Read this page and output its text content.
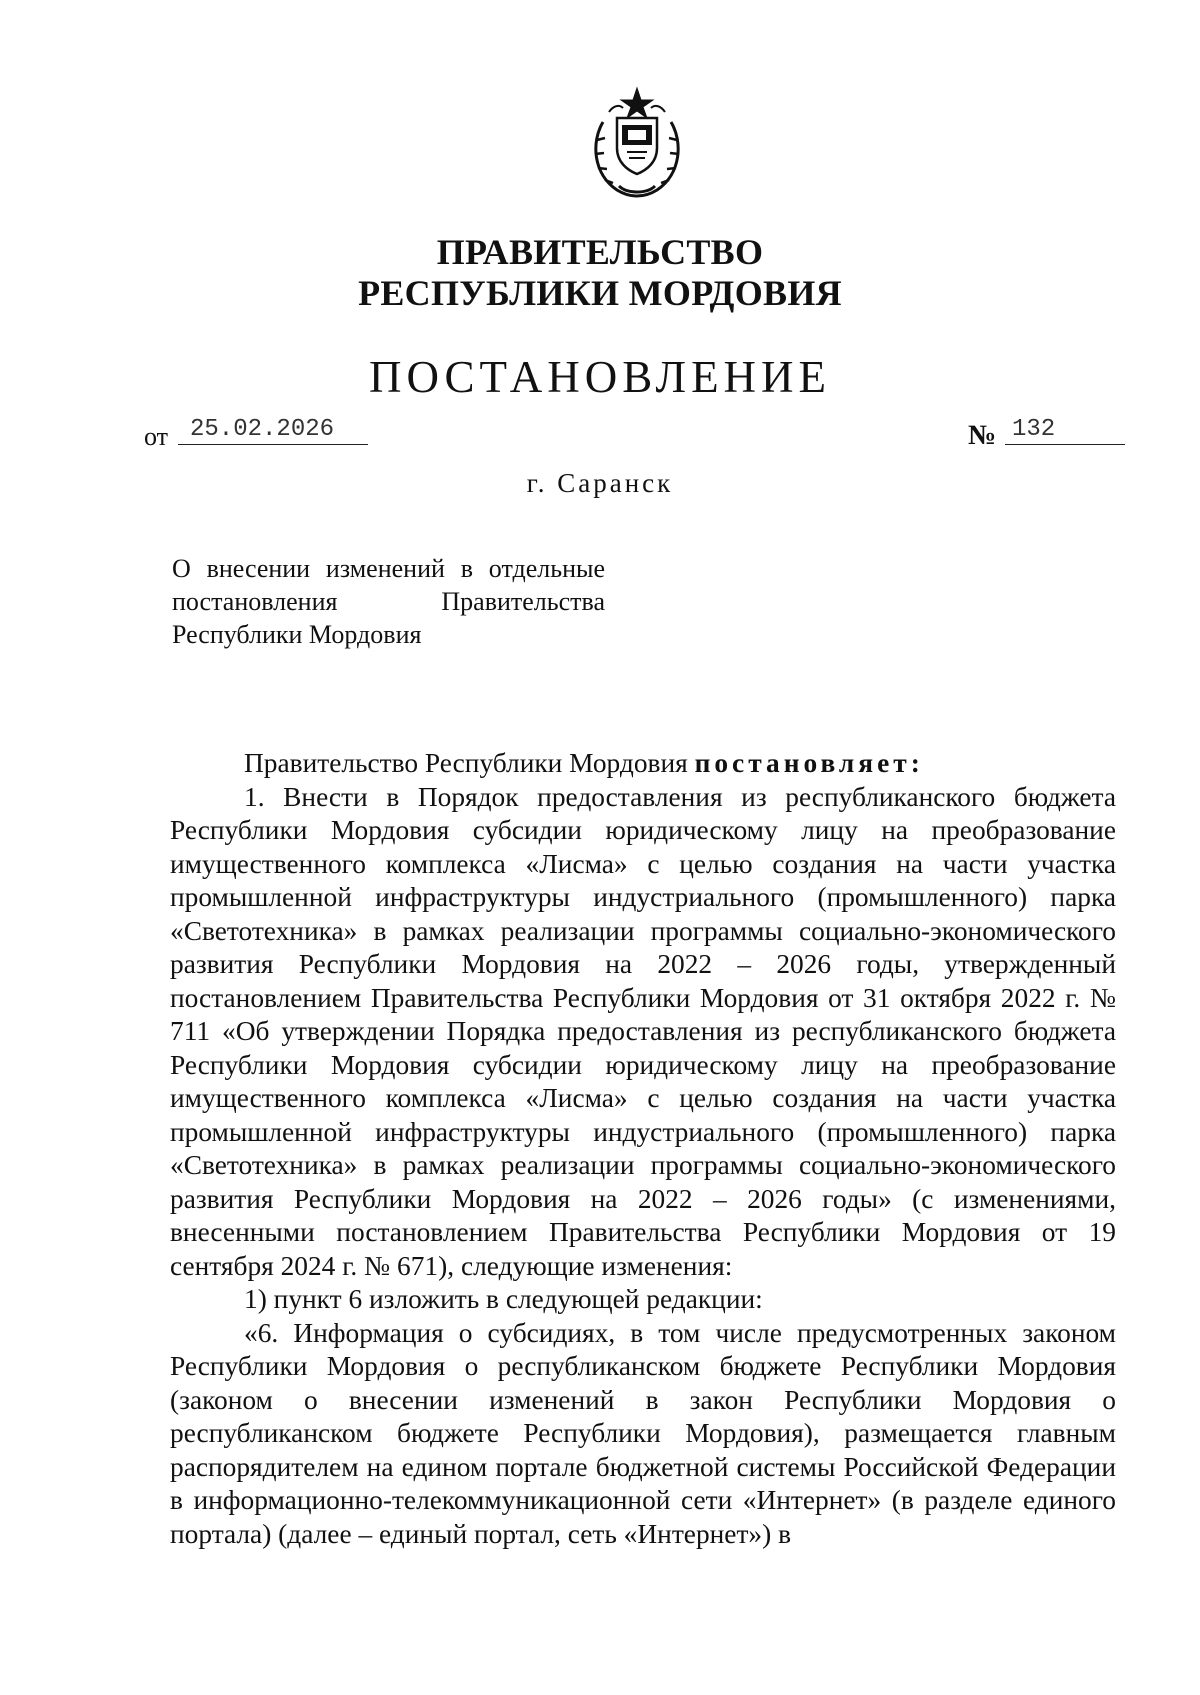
ПРАВИТЕЛЬСТВО
РЕСПУБЛИКИ МОРДОВИЯ
ПОСТАНОВЛЕНИЕ
от 25.02.2026	№ 132
г. Саранск
О внесении изменений в отдельные постановления Правительства Республики Мордовия

Правительство Республики Мордовия постановляет:

1. Внести в Порядок предоставления из республиканского бюджета Республики Мордовия субсидии юридическому лицу на преобразование имущественного комплекса «Лисма» с целью создания на части участка промышленной инфраструктуры индустриального (промышленного) парка «Светотехника» в рамках реализации программы социально-экономического развития Республики Мордовия на 2022 – 2026 годы, утвержденный постановлением Правительства Республики Мордовия от 31 октября 2022 г. № 711 «Об утверждении Порядка предоставления из республиканского бюджета Республики Мордовия субсидии юридическому лицу на преобразование имущественного комплекса «Лисма» с целью создания на части участка промышленной инфраструктуры индустриального (промышленного) парка «Светотехника» в рамках реализации программы социально-экономического развития Республики Мордовия на 2022 – 2026 годы» (с изменениями, внесенными постановлением Правительства Республики Мордовия от 19 сентября 2024 г. № 671), следующие изменения:

1) пункт 6 изложить в следующей редакции:

«6. Информация о субсидиях, в том числе предусмотренных законом Республики Мордовия о республиканском бюджете Республики Мордовия (законом о внесении изменений в закон Республики Мордовия о республиканском бюджете Республики Мордовия), размещается главным распорядителем на едином портале бюджетной системы Российской Федерации в информационно-телекоммуникационной сети «Интернет» (в разделе единого портала) (далее – единый портал, сеть «Интернет») в
